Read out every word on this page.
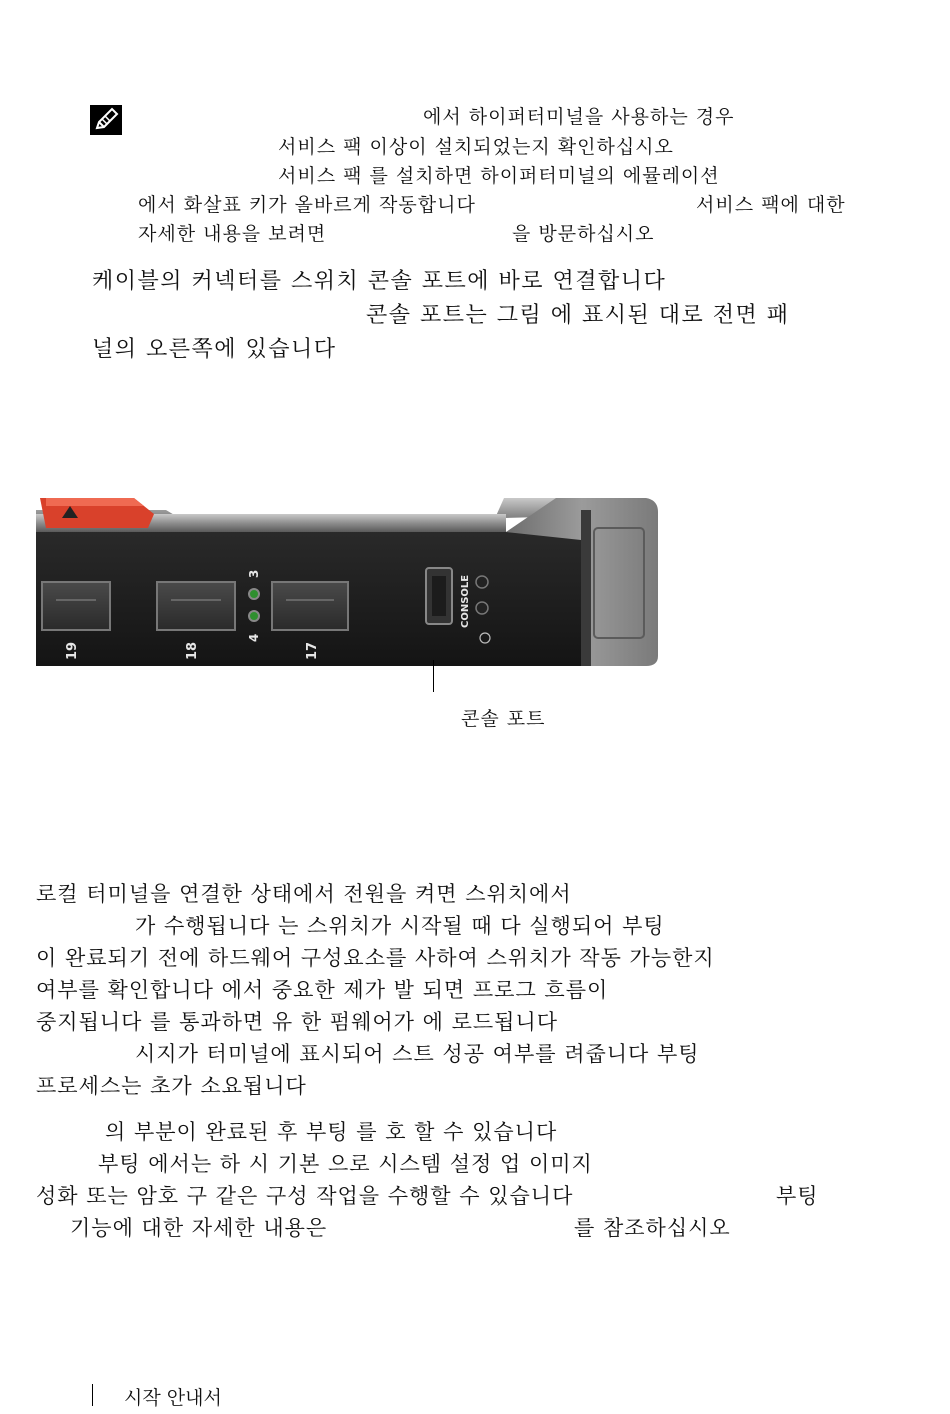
에서 하이퍼터미널을 사용하는 경우
서비스 팩 이상이 설치되었는지 확인하십시오
서비스 팩 를 설치하면 하이퍼터미널의 에뮬레이션
에서 화살표 키가 올바르게 작동합니다	서비스 팩에 대한
자세한 내용을 보려면	을 방문하십시오
케이블의 커넥터를 스위치 콘솔 포트에 바로 연결합니다
콘솔 포트는 그림 에 표시된 대로 전면 패
널의 오른쪽에 있습니다
19	18	17
3
4
CONSOLE
콘솔 포트
로컬 터미널을 연결한 상태에서 전원을 켜면 스위치에서
가 수행됩니다 는 스위치가 시작될 때 다 실행되어 부팅
이 완료되기 전에 하드웨어 구성요소를 사하여 스위치가 작동 가능한지
여부를 확인합니다 에서 중요한 제가 발 되면 프로그 흐름이
중지됩니다 를 통과하면 유 한 펌웨어가 에 로드됩니다
시지가 터미널에 표시되어 스트 성공 여부를 려줍니다 부팅
프로세스는 초가 소요됩니다
의 부분이 완료된 후 부팅 를 호 할 수 있습니다
부팅 에서는 하 시 기본 으로 시스템 설정 업 이미지
성화 또는 암호 구 같은 구성 작업을 수행할 수 있습니다	부팅
기능에 대한 자세한 내용은	를 참조하십시오
시작 안내서
